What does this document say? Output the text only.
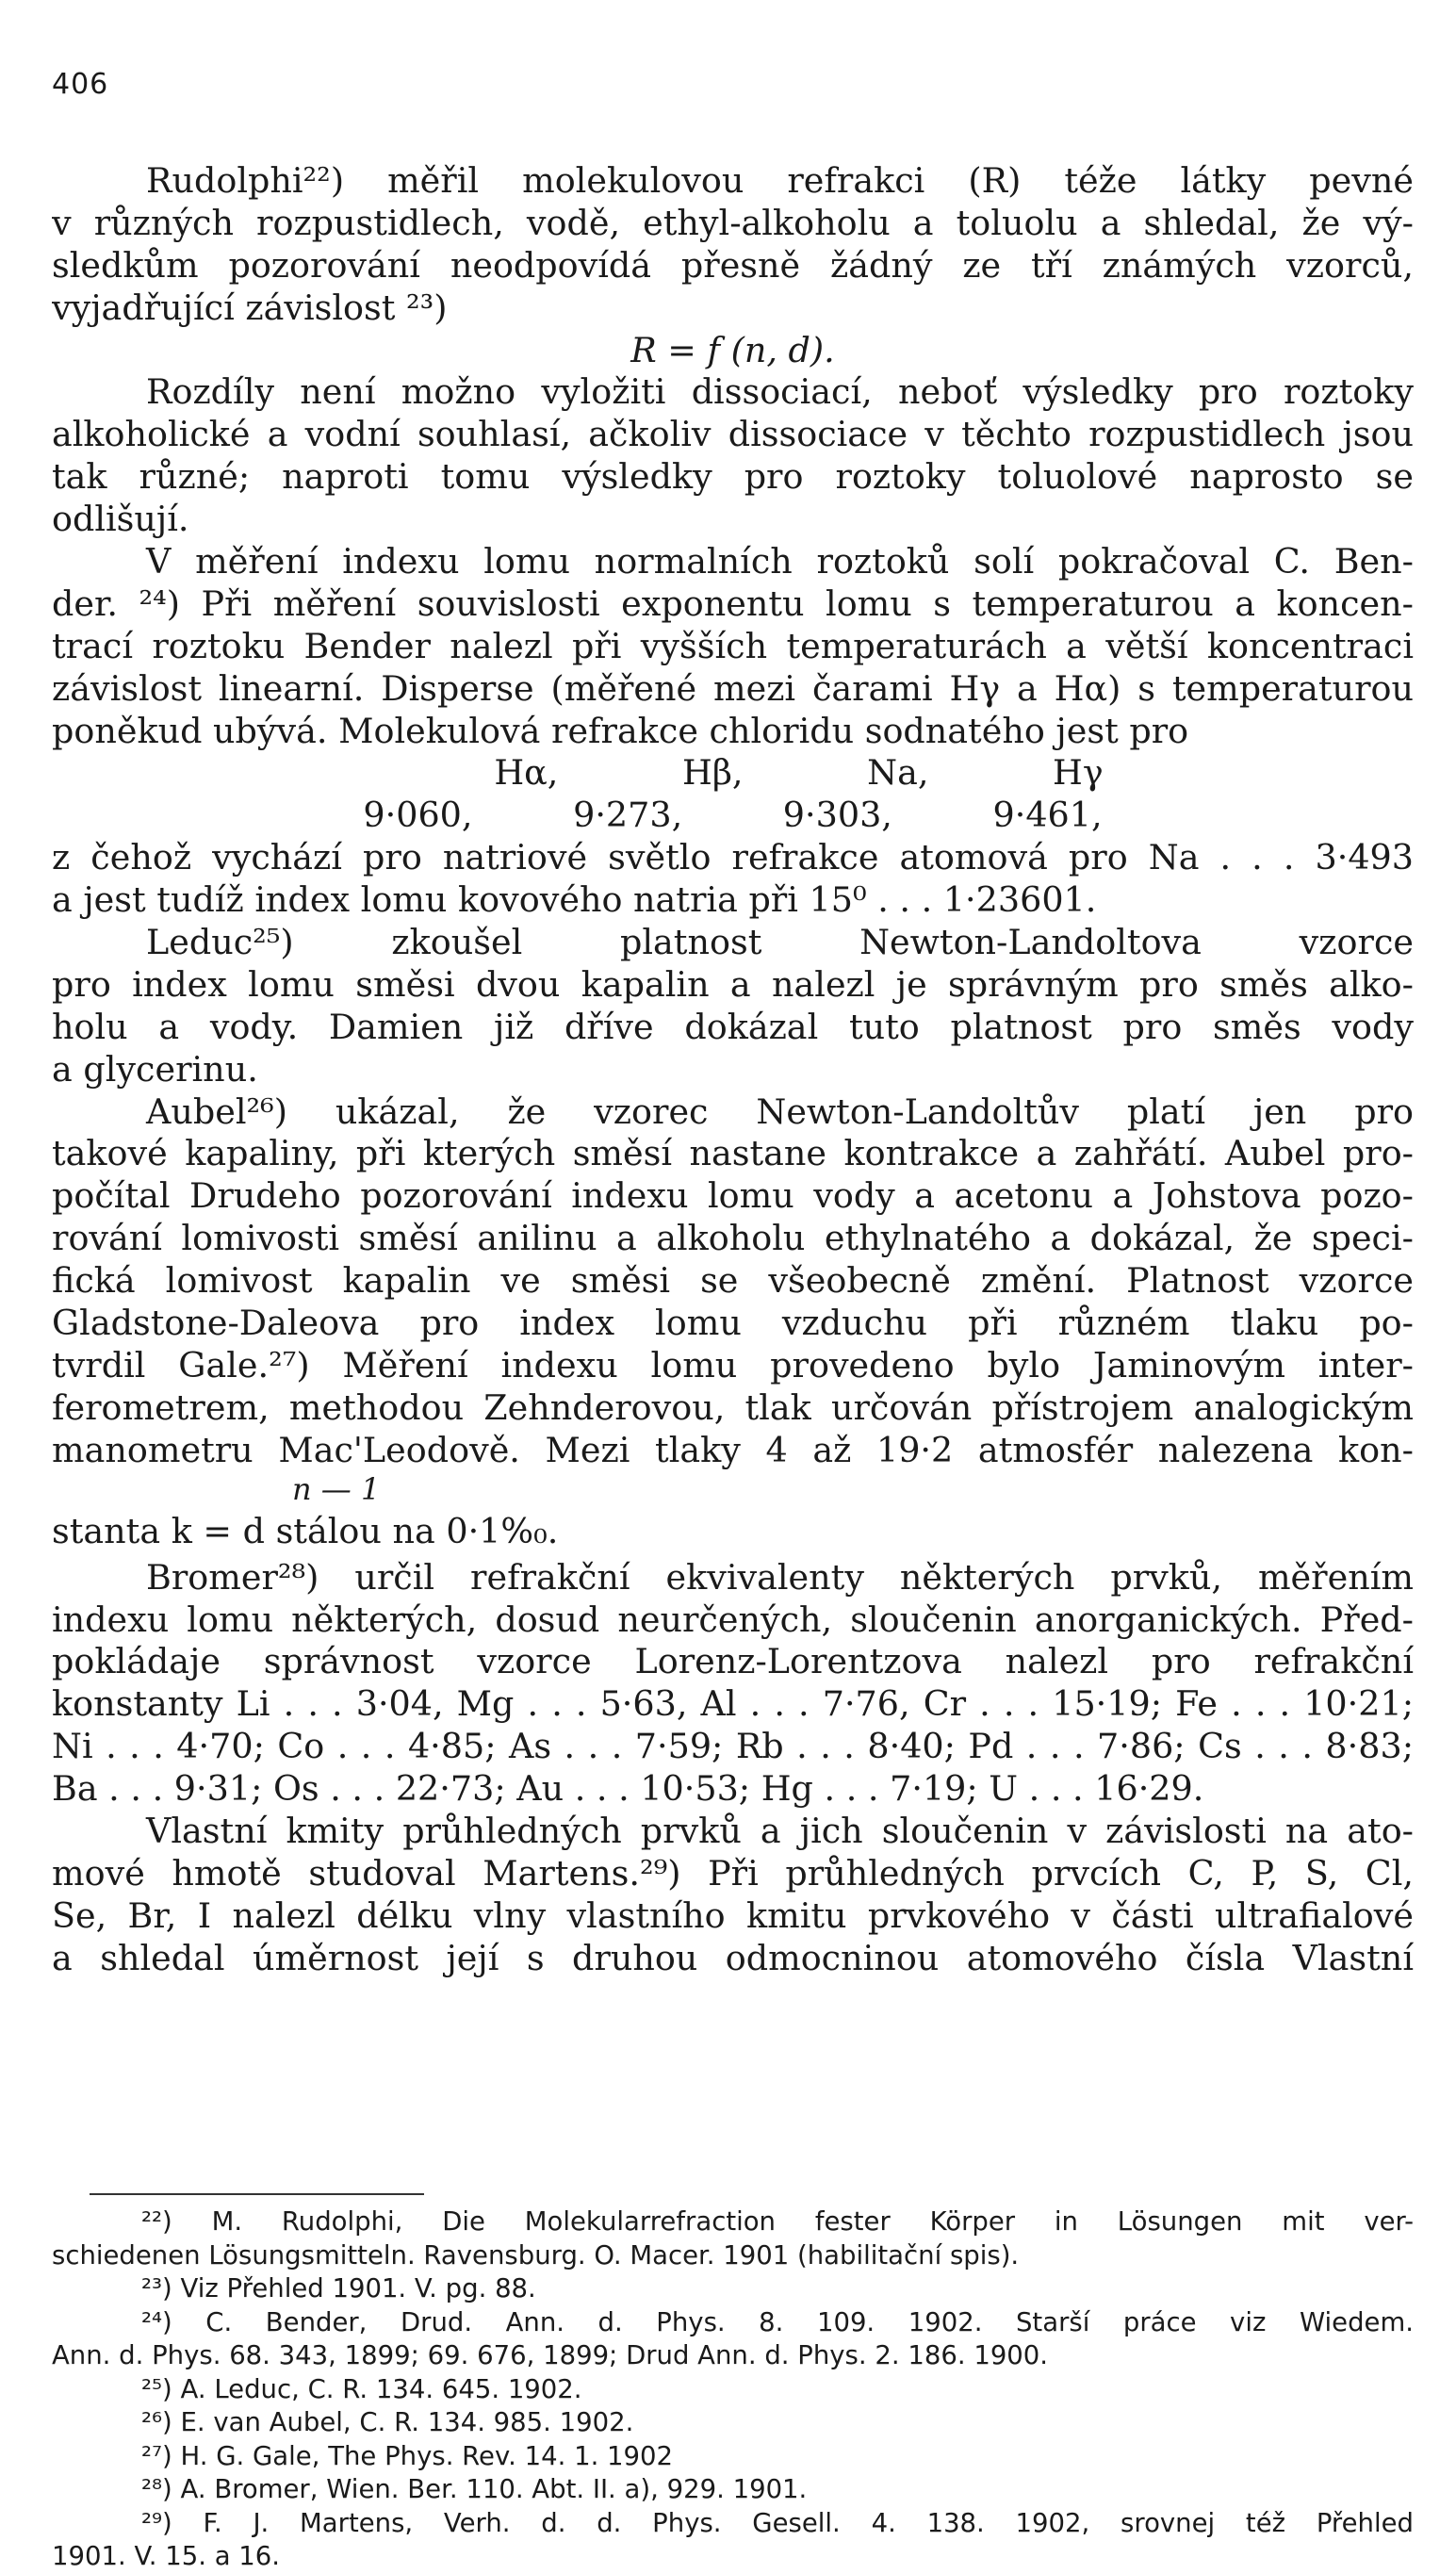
406
Rudolphi²²) měřil molekulovou refrakci (R) téže látky pevné
v různých rozpustidlech, vodě, ethyl-alkoholu a toluolu a shledal, že vý-
sledkům pozorování neodpovídá přesně žádný ze tří známých vzorců,
vyjadřující závislost ²³)
R = f (n, d).
Rozdíly není možno vyložiti dissociací, neboť výsledky pro roztoky
alkoholické a vodní souhlasí, ačkoliv dissociace v těchto rozpustidlech jsou
tak různé; naproti tomu výsledky pro roztoky toluolové naprosto se
odlišují.
V měření indexu lomu normalních roztoků solí pokračoval C. Ben-
der. ²⁴) Při měření souvislosti exponentu lomu s temperaturou a koncen-
trací roztoku Bender nalezl při vyšších temperaturách a větší koncentraci
závislost linearní. Disperse (měřené mezi čarami Hγ a Hα) s temperaturou
poněkud ubývá. Molekulová refrakce chloridu sodnatého jest pro
Hα, Hβ, Na, Hγ
9·060, 9·273, 9·303, 9·461,
z čehož vychází pro natriové světlo refrakce atomová pro Na . . . 3·493
a jest tudíž index lomu kovového natria při 15⁰ . . . 1·23601.
Leduc²⁵) zkoušel platnost Newton-Landoltova vzorce
pro index lomu směsi dvou kapalin a nalezl je správným pro směs alko-
holu a vody. Damien již dříve dokázal tuto platnost pro směs vody
a glycerinu.
Aubel²⁶) ukázal, že vzorec Newton-Landoltův platí jen pro
takové kapaliny, při kterých směsí nastane kontrakce a zahřátí. Aubel pro-
počítal Drudeho pozorování indexu lomu vody a acetonu a Johstova pozo-
rování lomivosti směsí anilinu a alkoholu ethylnatého a dokázal, že speci-
fická lomivost kapalin ve směsi se všeobecně změní. Platnost vzorce
Gladstone-Daleova pro index lomu vzduchu při různém tlaku po-
tvrdil Gale.²⁷) Měření indexu lomu provedeno bylo Jaminovým inter-
ferometrem, methodou Zehnderovou, tlak určován přístrojem analogickým
manometru Mac'Leodově. Mezi tlaky 4 až 19·2 atmosfér nalezena kon-
n — 1
stanta k = d stálou na 0·1%₀.
Bromer²⁸) určil refrakční ekvivalenty některých prvků, měřením
indexu lomu některých, dosud neurčených, sloučenin anorganických. Před-
pokládaje správnost vzorce Lorenz-Lorentzova nalezl pro refrakční
konstanty Li . . . 3·04, Mg . . . 5·63, Al . . . 7·76, Cr . . . 15·19; Fe . . . 10·21;
Ni . . . 4·70; Co . . . 4·85; As . . . 7·59; Rb . . . 8·40; Pd . . . 7·86; Cs . . . 8·83;
Ba . . . 9·31; Os . . . 22·73; Au . . . 10·53; Hg . . . 7·19; U . . . 16·29.
Vlastní kmity průhledných prvků a jich sloučenin v závislosti na ato-
mové hmotě studoval Martens.²⁹) Při průhledných prvcích C, P, S, Cl,
Se, Br, I nalezl délku vlny vlastního kmitu prvkového v části ultrafialové
a shledal úměrnost její s druhou odmocninou atomového čísla Vlastní
²²) M. Rudolphi, Die Molekularrefraction fester Körper in Lösungen mit ver-
schiedenen Lösungsmitteln. Ravensburg. O. Macer. 1901 (habilitační spis).
²³) Viz Přehled 1901. V. pg. 88.
²⁴) C. Bender, Drud. Ann. d. Phys. 8. 109. 1902. Starší práce viz Wiedem.
Ann. d. Phys. 68. 343, 1899; 69. 676, 1899; Drud Ann. d. Phys. 2. 186. 1900.
²⁵) A. Leduc, C. R. 134. 645. 1902.
²⁶) E. van Aubel, C. R. 134. 985. 1902.
²⁷) H. G. Gale, The Phys. Rev. 14. 1. 1902
²⁸) A. Bromer, Wien. Ber. 110. Abt. II. a), 929. 1901.
²⁹) F. J. Martens, Verh. d. d. Phys. Gesell. 4. 138. 1902, srovnej též Přehled
1901. V. 15. a 16.
